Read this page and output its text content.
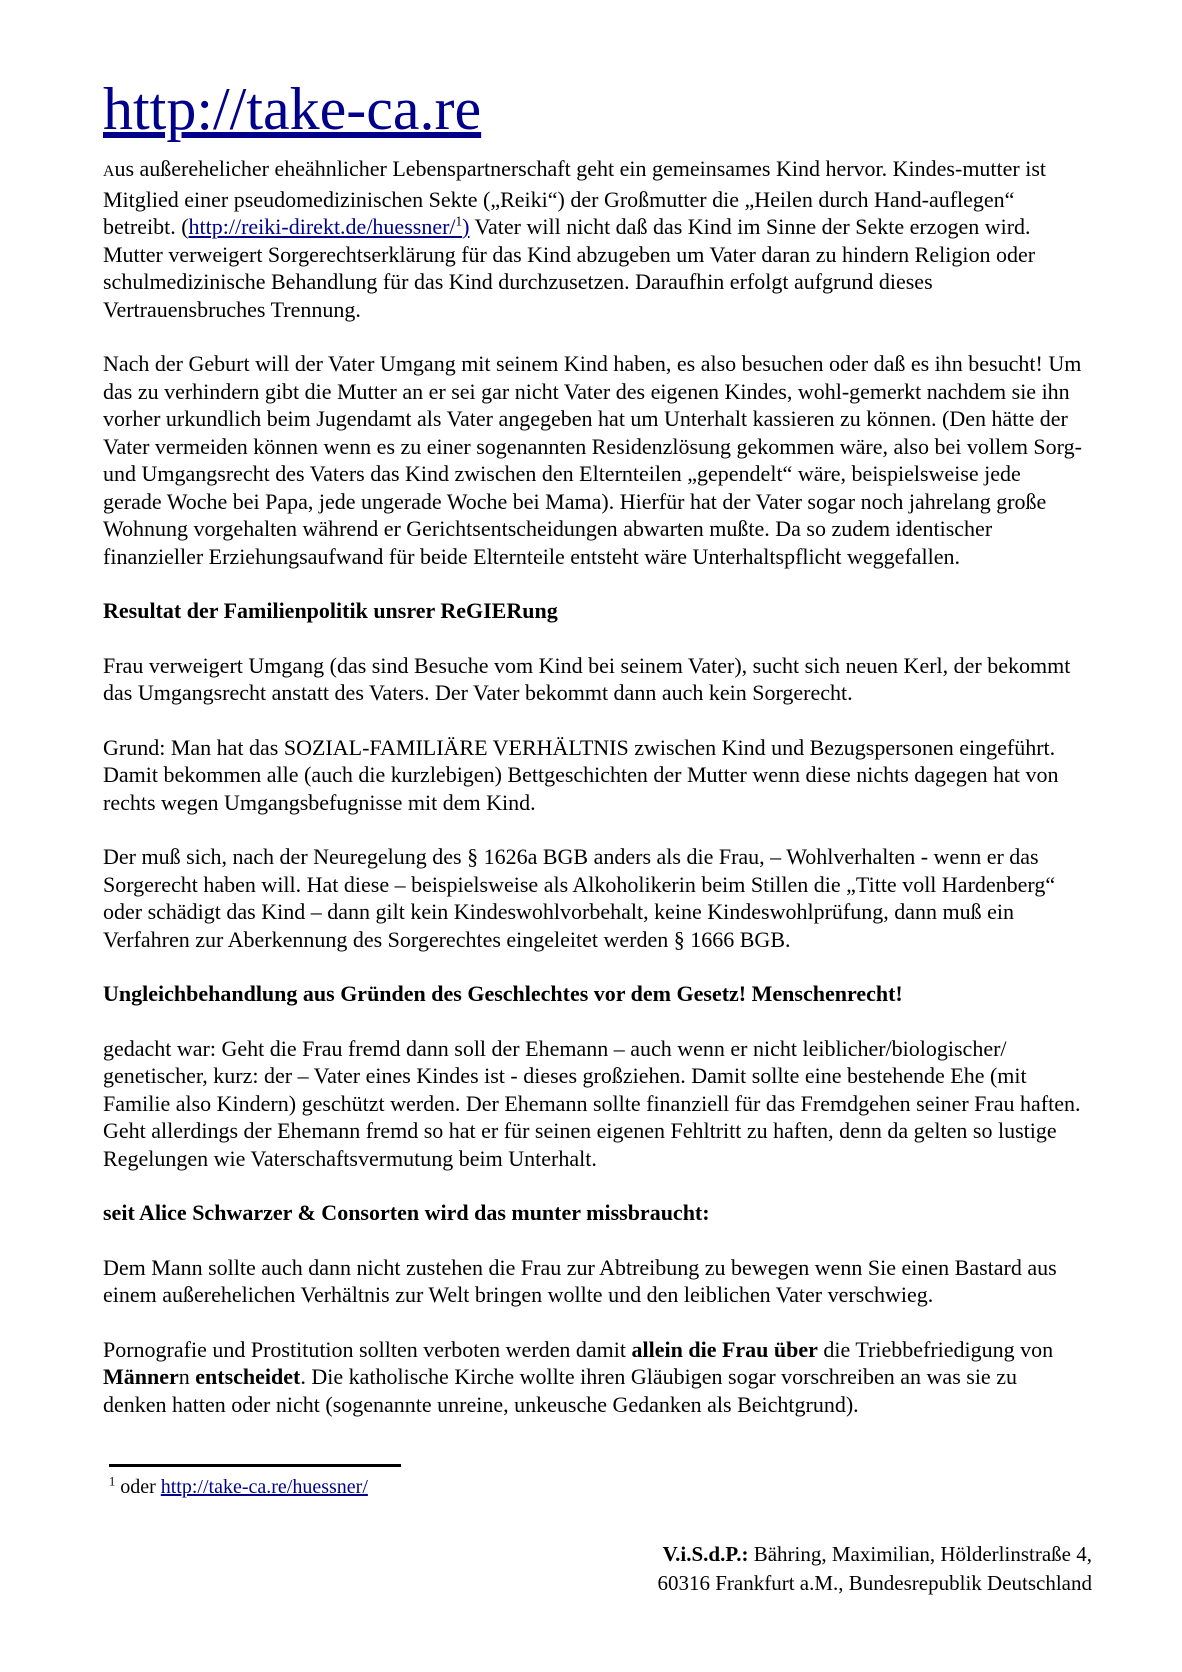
http://take-ca.re

Aus außerehelicher eheähnlicher Lebenspartnerschaft geht ein gemeinsames Kind hervor. Kindes-mutter ist Mitglied einer pseudomedizinischen Sekte („Reiki“) der Großmutter die „Heilen durch Hand-auflegen“ betreibt. (http://reiki-direkt.de/huessner/$^1$) Vater will nicht daß das Kind im Sinne der Sekte erzogen wird. Mutter verweigert Sorgerechtserklärung für das Kind abzugeben um Vater daran zu hindern Religion oder schulmedizinische Behandlung für das Kind durchzusetzen. Daraufhin erfolgt aufgrund dieses Vertrauensbruches Trennung.

Nach der Geburt will der Vater Umgang mit seinem Kind haben, es also besuchen oder daß es ihn besucht! Um das zu verhindern gibt die Mutter an er sei gar nicht Vater des eigenen Kindes, wohl-gemerkt nachdem sie ihn vorher urkundlich beim Jugendamt als Vater angegeben hat um Unterhalt kassieren zu können. (Den hätte der Vater vermeiden können wenn es zu einer sogenannten Residenzlösung gekommen wäre, also bei vollem Sorg- und Umgangsrecht des Vaters das Kind zwischen den Elternteilen „gependelt“ wäre, beispielsweise jede gerade Woche bei Papa, jede ungerade Woche bei Mama). Hierfür hat der Vater sogar noch jahrelang große Wohnung vorgehalten während er Gerichtsentscheidungen abwarten mußte. Da so zudem identischer finanzieller Erziehungsaufwand für beide Elternteile entsteht wäre Unterhaltspflicht weggefallen.

Resultat der Familienpolitik unsrer ReGIERung

Frau verweigert Umgang (das sind Besuche vom Kind bei seinem Vater), sucht sich neuen Kerl, der bekommt das Umgangsrecht anstatt des Vaters. Der Vater bekommt dann auch kein Sorgerecht.

Grund: Man hat das SOZIAL-FAMILIÄRE VERHÄLTNIS zwischen Kind und Bezugspersonen eingeführt. Damit bekommen alle (auch die kurzlebigen) Bettgeschichten der Mutter wenn diese nichts dagegen hat von rechts wegen Umgangsbefugnisse mit dem Kind.

Der muß sich, nach der Neuregelung des § 1626a BGB anders als die Frau, – Wohlverhalten - wenn er das Sorgerecht haben will. Hat diese – beispielsweise als Alkoholikerin beim Stillen die „Titte voll Hardenberg“ oder schädigt das Kind – dann gilt kein Kindeswohlvorbehalt, keine Kindeswohlprüfung, dann muß ein Verfahren zur Aberkennung des Sorgerechtes eingeleitet werden § 1666 BGB.

Ungleichbehandlung aus Gründen des Geschlechtes vor dem Gesetz! Menschenrecht!

gedacht war: Geht die Frau fremd dann soll der Ehemann – auch wenn er nicht leiblicher/biologischer/ genetischer, kurz: der – Vater eines Kindes ist - dieses großziehen. Damit sollte eine bestehende Ehe (mit Familie also Kindern) geschützt werden. Der Ehemann sollte finanziell für das Fremdgehen seiner Frau haften. Geht allerdings der Ehemann fremd so hat er für seinen eigenen Fehltritt zu haften, denn da gelten so lustige Regelungen wie Vaterschaftsvermutung beim Unterhalt.

seit Alice Schwarzer & Consorten wird das munter missbraucht:

Dem Mann sollte auch dann nicht zustehen die Frau zur Abtreibung zu bewegen wenn Sie einen Bastard aus einem außerehelichen Verhältnis zur Welt bringen wollte und den leiblichen Vater verschwieg.

Pornografie und Prostitution sollten verboten werden damit allein die Frau über die Triebbefriedigung von Männern entscheidet. Die katholische Kirche wollte ihren Gläubigen sogar vorschreiben an was sie zu denken hatten oder nicht (sogenannte unreine, unkeusche Gedanken als Beichtgrund).

$^1$ oder http://take-ca.re/huessner/
V.i.S.d.P.: Bähring, Maximilian, Hölderlinstraße 4,
60316 Frankfurt a.M., Bundesrepublik Deutschland
